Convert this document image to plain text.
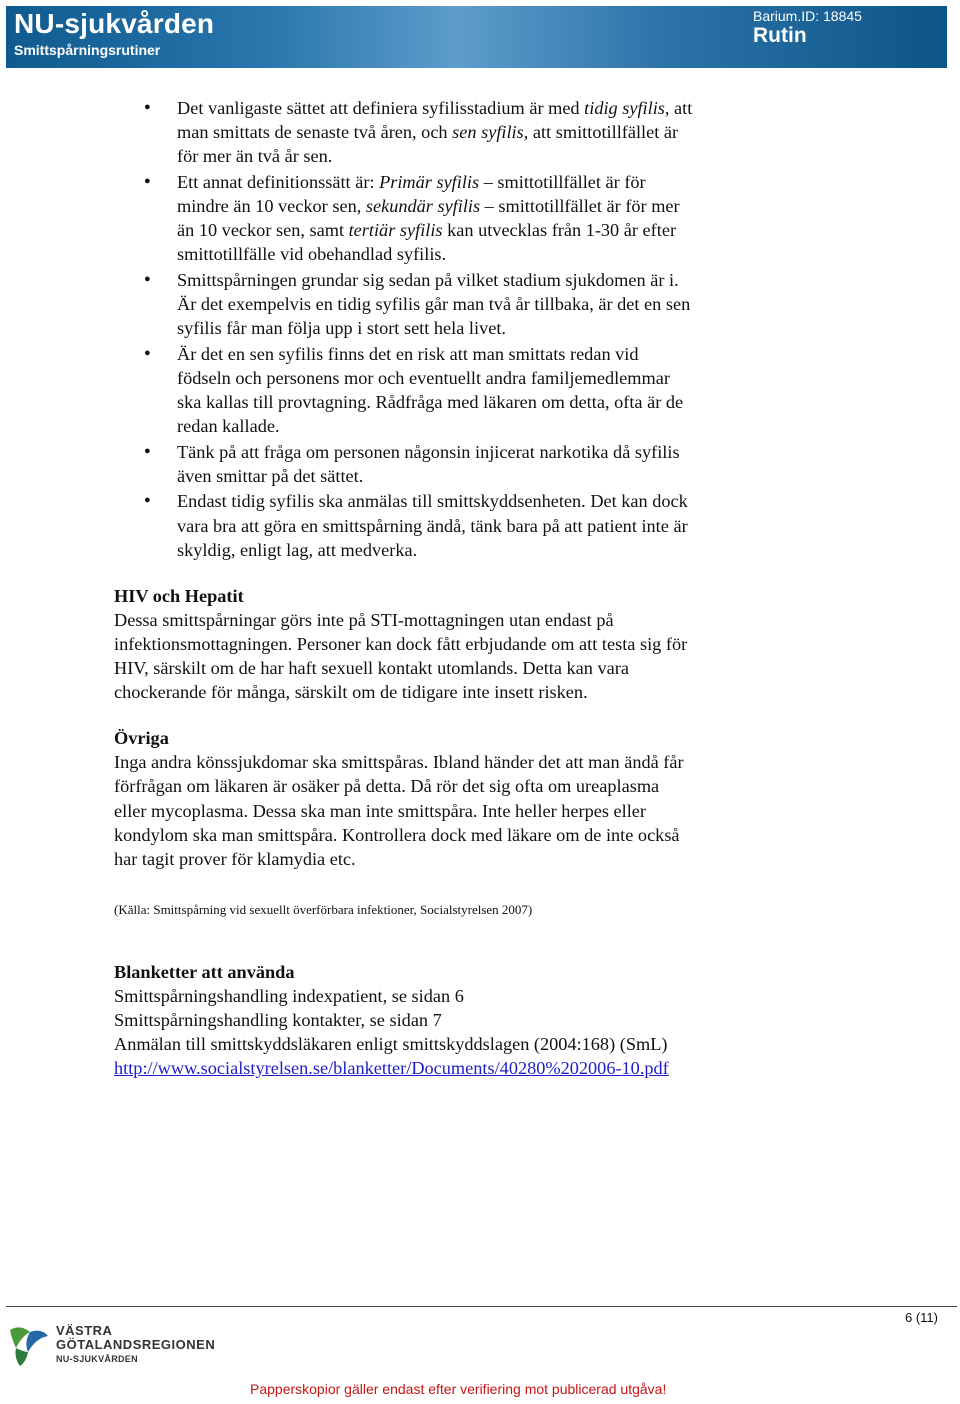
NU-sjukvården
Smittspårningsrutiner
Barium.ID: 18845
Rutin
● Det vanligaste sättet att definiera syfilisstadium är med tidig syfilis, att man smittats de senaste två åren, och sen syfilis, att smittotillfället är för mer än två år sen.

● Ett annat definitionssätt är: Primär syfilis – smittotillfället är för mindre än 10 veckor sen, sekundär syfilis – smittotillfället är för mer än 10 veckor sen, samt tertiär syfilis kan utvecklas från 1-30 år efter smittotillfälle vid obehandlad syfilis.

● Smittspårningen grundar sig sedan på vilket stadium sjukdomen är i. Är det exempelvis en tidig syfilis går man två år tillbaka, är det en sen syfilis får man följa upp i stort sett hela livet.

● Är det en sen syfilis finns det en risk att man smittats redan vid födseln och personens mor och eventuellt andra familjemedlemmar ska kallas till provtagning. Rådfråga med läkaren om detta, ofta är de redan kallade.

● Tänk på att fråga om personen någonsin injicerat narkotika då syfilis även smittar på det sättet.

● Endast tidig syfilis ska anmälas till smittskyddsenheten. Det kan dock vara bra att göra en smittspårning ändå, tänk bara på att patient inte är skyldig, enligt lag, att medverka.

HIV och Hepatit

Dessa smittspårningar görs inte på STI-mottagningen utan endast på infektionsmottagningen. Personer kan dock fått erbjudande om att testa sig för HIV, särskilt om de har haft sexuell kontakt utomlands. Detta kan vara chockerande för många, särskilt om de tidigare inte insett risken.

Övriga

Inga andra könssjukdomar ska smittspåras. Ibland händer det att man ändå får förfrågan om läkaren är osäker på detta. Då rör det sig ofta om ureaplasma eller mycoplasma. Dessa ska man inte smittspåra. Inte heller herpes eller kondylom ska man smittspåra. Kontrollera dock med läkare om de inte också har tagit prover för klamydia etc.

(Källa: Smittspårning vid sexuellt överförbara infektioner, Socialstyrelsen 2007)

Blanketter att använda

Smittspårningshandling indexpatient, se sidan 6

Smittspårningshandling kontakter, se sidan 7

Anmälan till smittskyddsläkaren enligt smittskyddslagen (2004:168) (SmL)

http://www.socialstyrelsen.se/blanketter/Documents/40280%202006-10.pdf

6 (11)
VÄSTRA
GÖTALANDSREGIONEN
NU-SJUKVÅRDEN
Papperskopior gäller endast efter verifiering mot publicerad utgåva!
